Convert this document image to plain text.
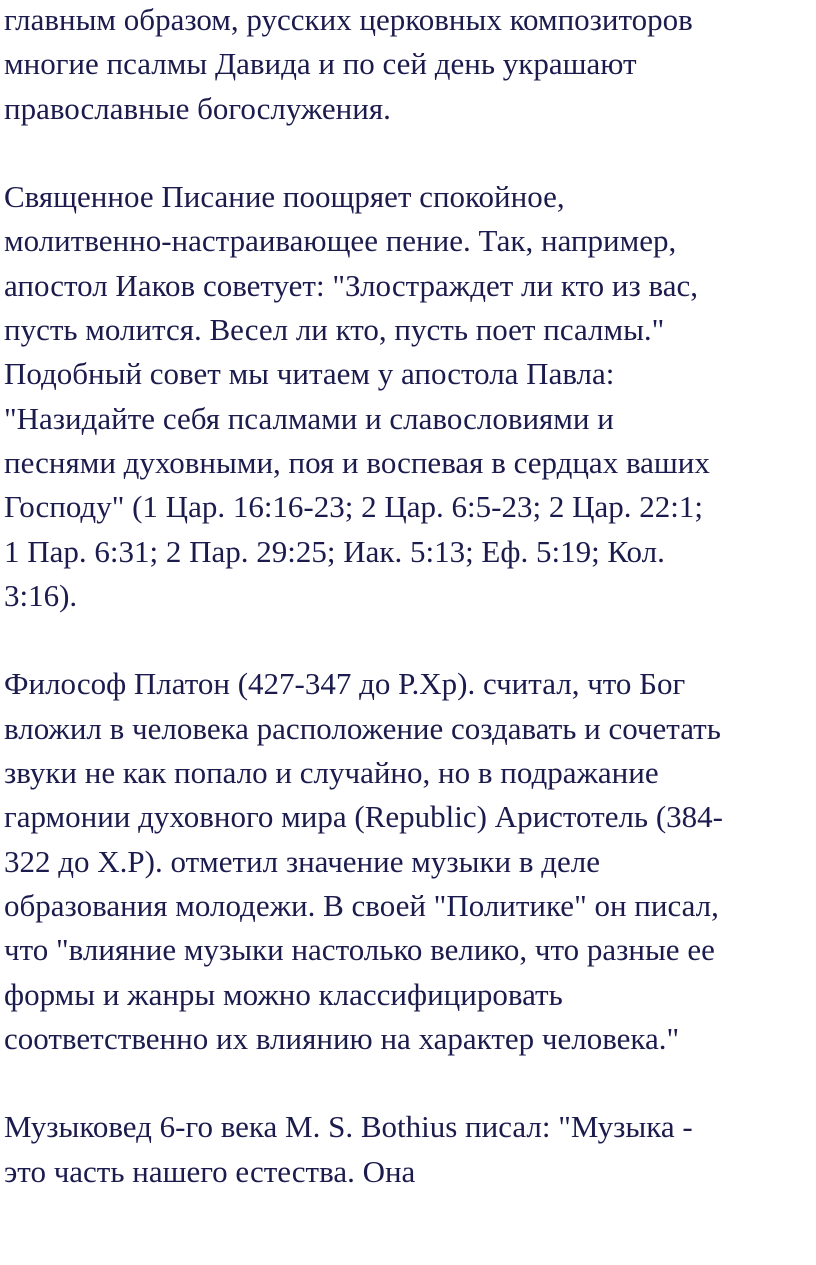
главным образом, русских церковных композиторов
многие псалмы Давида и по сей день украшают
православные богослужения.

Священное Писание поощряет спокойное,
молитвенно-настраивающее пение. Так, например,
апостол Иаков советует: "Злостраждет ли кто из вас,
пусть молится. Весел ли кто, пусть поет псалмы."
Подобный совет мы читаем у апостола Павла:
"Назидайте себя псалмами и славословиями и
песнями духовными, поя и воспевая в сердцах ваших
Господу" (1 Цар. 16:16-23; 2 Цар. 6:5-23; 2 Цар. 22:1;
1 Пар. 6:31; 2 Пар. 29:25; Иак. 5:13; Еф. 5:19; Кол.
3:16).

Философ Платон (427-347 до Р.Хр). считал, что Бог
вложил в человека расположение создавать и сочетать
звуки не как попало и случайно, но в подражание
гармонии духовного мира (Republic) Аристотель (384-
322 до Х.Р). отметил значение музыки в деле
образования молодежи. В своей "Политике" он писал,
что "влияние музыки настолько велико, что разные ее
формы и жанры можно классифицировать
соответственно их влиянию на характер человека."

Музыковед 6-го века M. S. Bothius писал: "Музыка -
это часть нашего естества. Она
